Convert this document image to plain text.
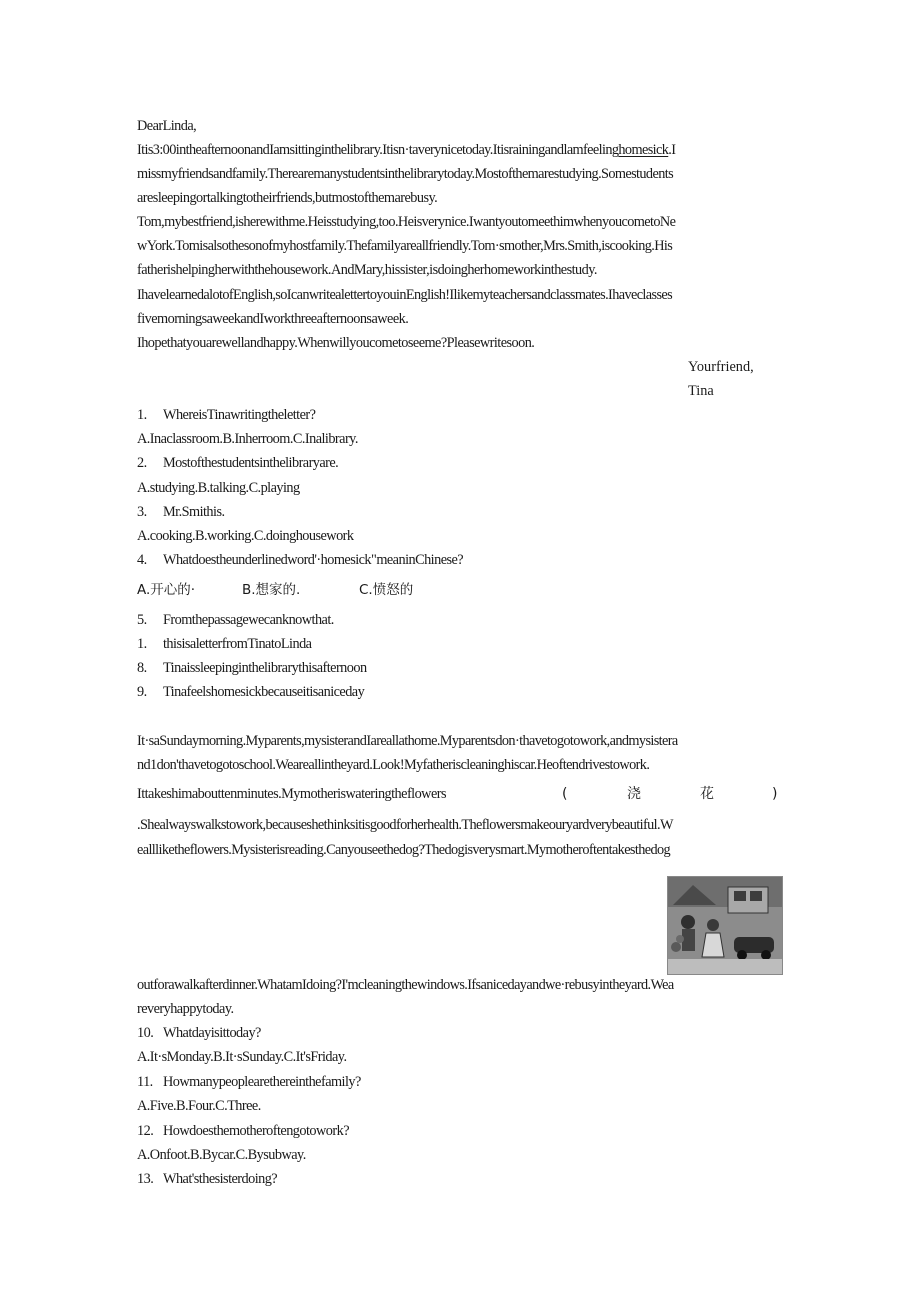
DearLinda,
Itis3:00intheafternoonandIamsittinginthelibrary.Itisn·taverynicetoday.Itisrainingandlamfeelinghomesick.I
missmyfriendsandfamily.Therearemanystudentsinthelibrarytoday.Mostofthemarestudying.Somestudents
aresleepingortalkingtotheirfriends,butmostofthemarebusy.
Tom,mybestfriend,isherewithme.Heisstudying,too.Heisverynice.IwantyoutomeethimwhenyoucometoNe
wYork.Tomisalsothesonofmyhostfamily.Thefamilyareallfriendly.Tom·smother,Mrs.Smith,iscooking.His
fatherishelpingherwiththehousework.AndMary,hissister,isdoingherhomeworkinthestudy.
IhavelearnedalotofEnglish,soIcanwritealettertoyouinEnglish!Ilikemyteachersandclassmates.Ihaveclasses
fivemorningsaweekandIworkthreeafternoonsaweek.
Ihopethatyouarewellandhappy.Whenwillyoucometoseeme?Pleasewritesoon.
Yourfriend,
Tina
1. WhereisTinawritingtheletter?
A.Inaclassroom.B.Inherroom.C.Inalibrary.
2. Mostofthestudentsinthelibraryare.
A.studying.B.talking.C.playing
3. Mr.Smithis.
A.cooking.B.working.C.doinghousework
4. Whatdoestheunderlinedword'·homesick"meaninChinese?
A.开心的·	B.想家的.	C.愤怒的
5. Fromthepassagewecanknowthat.
1. thisisaletterfromTinatoLinda
8. Tinaissleepinginthelibrarythisafternoon
9. Tinafeelshomesickbecauseitisaniceday
It·saSundaymorning.Myparents,mysisterandIareallathome.Myparentsdon·thavetogotowork,andmysistera
nd1don'thavetogotoschool.Weareallintheyard.Look!Myfatheriscleaninghiscar.Heoftendrivestowork.
Ittakeshimabouttenminutes.Mymotheriswateringtheflowers	(	浇	花	)
.Shealwayswalkstowork,becauseshethinksitisgoodforherhealth.Theflowersmakeouryardverybeautiful.W
eallliketheflowers.Mysisterisreading.Canyouseethedog?Thedogisverysmart.Mymotheroftentakesthedog
outforawalkafterdinner.WhatamIdoing?I'mcleaningthewindows.Ifsanicedayandwe·rebusyintheyard.Wea
reveryhappytoday.
10. Whatdayisittoday?
A.It·sMonday.B.It·sSunday.C.It'sFriday.
11. Howmanypeoplearethereinthefamily?
A.Five.B.Four.C.Three.
12. Howdoesthemotheroftengotowork?
A.Onfoot.B.Bycar.C.Bysubway.
13. What'sthesisterdoing?
